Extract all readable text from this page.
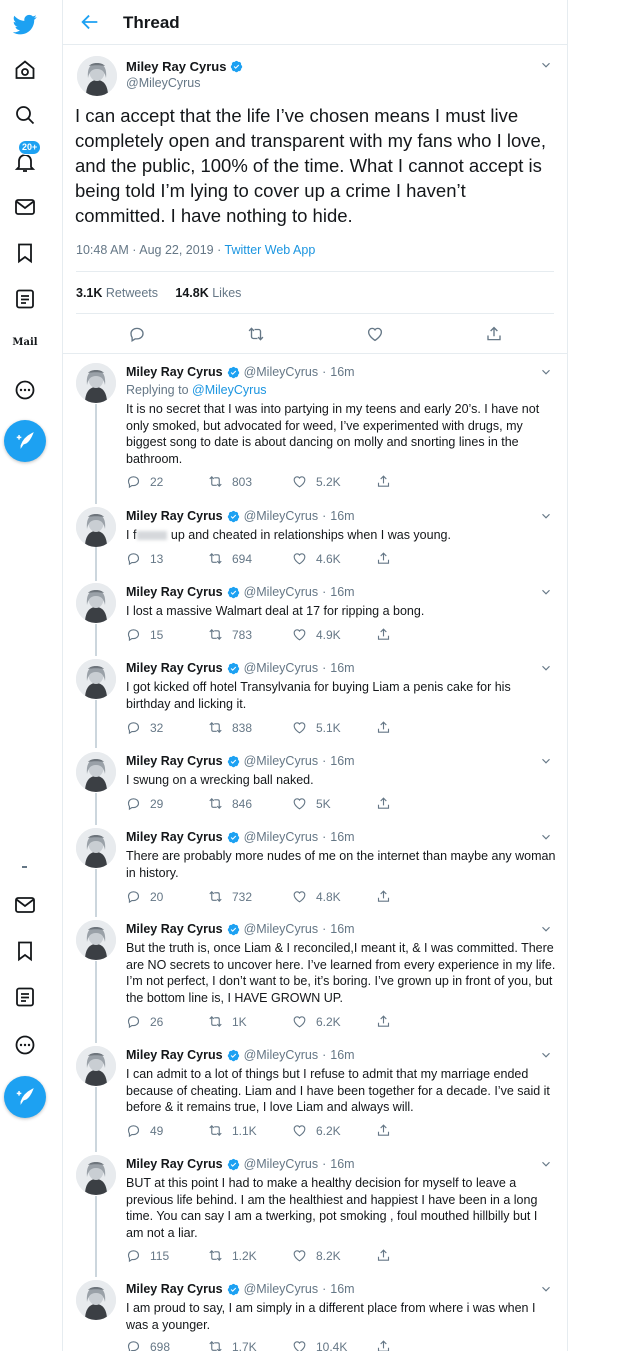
20+
Mail
Thread
Miley Ray Cyrus
@MileyCyrus
I can accept that the life I’ve chosen means I must live completely open and transparent with my fans who I love, and the public, 100% of the time. What I cannot accept is being told I’m lying to cover up a crime I haven’t committed. I have nothing to hide.
10:48 AM · Aug 22, 2019 · Twitter Web App
3.1K Retweets 14.8K Likes
Miley Ray Cyrus @MileyCyrus · 16m
Replying to @MileyCyrus
It is no secret that I was into partying in my teens and early 20’s. I have not only smoked, but advocated for weed, I’ve experimented with drugs, my biggest song to date is about dancing on molly and snorting lines in the bathroom.
22	803	5.2K
Miley Ray Cyrus @MileyCyrus · 16m
I f up and cheated in relationships when I was young.
13	694	4.6K
Miley Ray Cyrus @MileyCyrus · 16m
I lost a massive Walmart deal at 17 for ripping a bong.
15	783	4.9K
Miley Ray Cyrus @MileyCyrus · 16m
I got kicked off hotel Transylvania for buying Liam a penis cake for his birthday and licking it.
32	838	5.1K
Miley Ray Cyrus @MileyCyrus · 16m
I swung on a wrecking ball naked.
29	846	5K
Miley Ray Cyrus @MileyCyrus · 16m
There are probably more nudes of me on the internet than maybe any woman in history.
20	732	4.8K
Miley Ray Cyrus @MileyCyrus · 16m
But the truth is, once Liam & I reconciled,I meant it, & I was committed. There are NO secrets to uncover here. I’ve learned from every experience in my life. I’m not perfect, I don’t want to be, it’s boring. I’ve grown up in front of you, but the bottom line is, I HAVE GROWN UP.
26	1K	6.2K
Miley Ray Cyrus @MileyCyrus · 16m
I can admit to a lot of things but I refuse to admit that my marriage ended because of cheating. Liam and I have been together for a decade. I’ve said it before & it remains true, I love Liam and always will.
49	1.1K	6.2K
Miley Ray Cyrus @MileyCyrus · 16m
BUT at this point I had to make a healthy decision for myself to leave a previous life behind. I am the healthiest and happiest I have been in a long time. You can say I am a twerking, pot smoking , foul mouthed hillbilly but I am not a liar.
115	1.2K	8.2K
Miley Ray Cyrus @MileyCyrus · 16m
I am proud to say, I am simply in a different place from where i was when I was a younger.
698	1.7K	10.4K
